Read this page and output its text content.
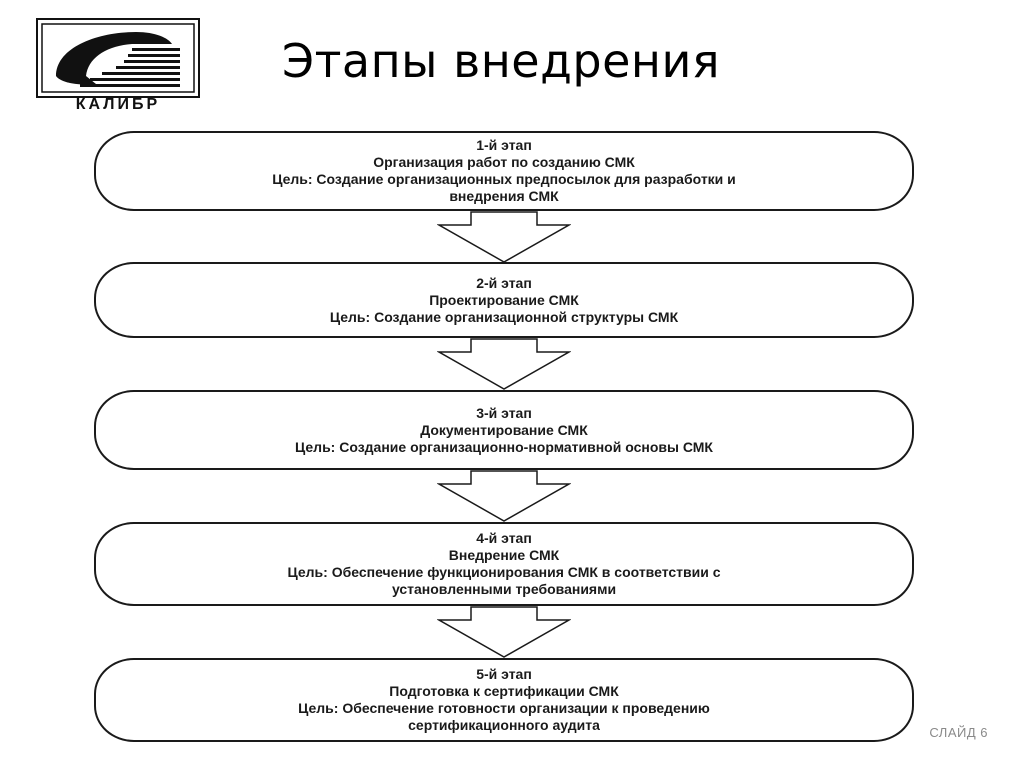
КАЛИБР
Этапы внедрения
1-й этап
Организация работ по созданию СМК
Цель: Создание организационных предпосылок для разработки и
внедрения СМК
2-й этап
Проектирование СМК
Цель: Создание организационной структуры СМК
3-й этап
Документирование СМК
Цель: Создание организационно-нормативной основы СМК
4-й этап
Внедрение СМК
Цель: Обеспечение функционирования СМК в соответствии с
установленными требованиями
5-й этап
Подготовка к сертификации СМК
Цель: Обеспечение готовности организации к проведению
сертификационного аудита	СЛАЙД 6
